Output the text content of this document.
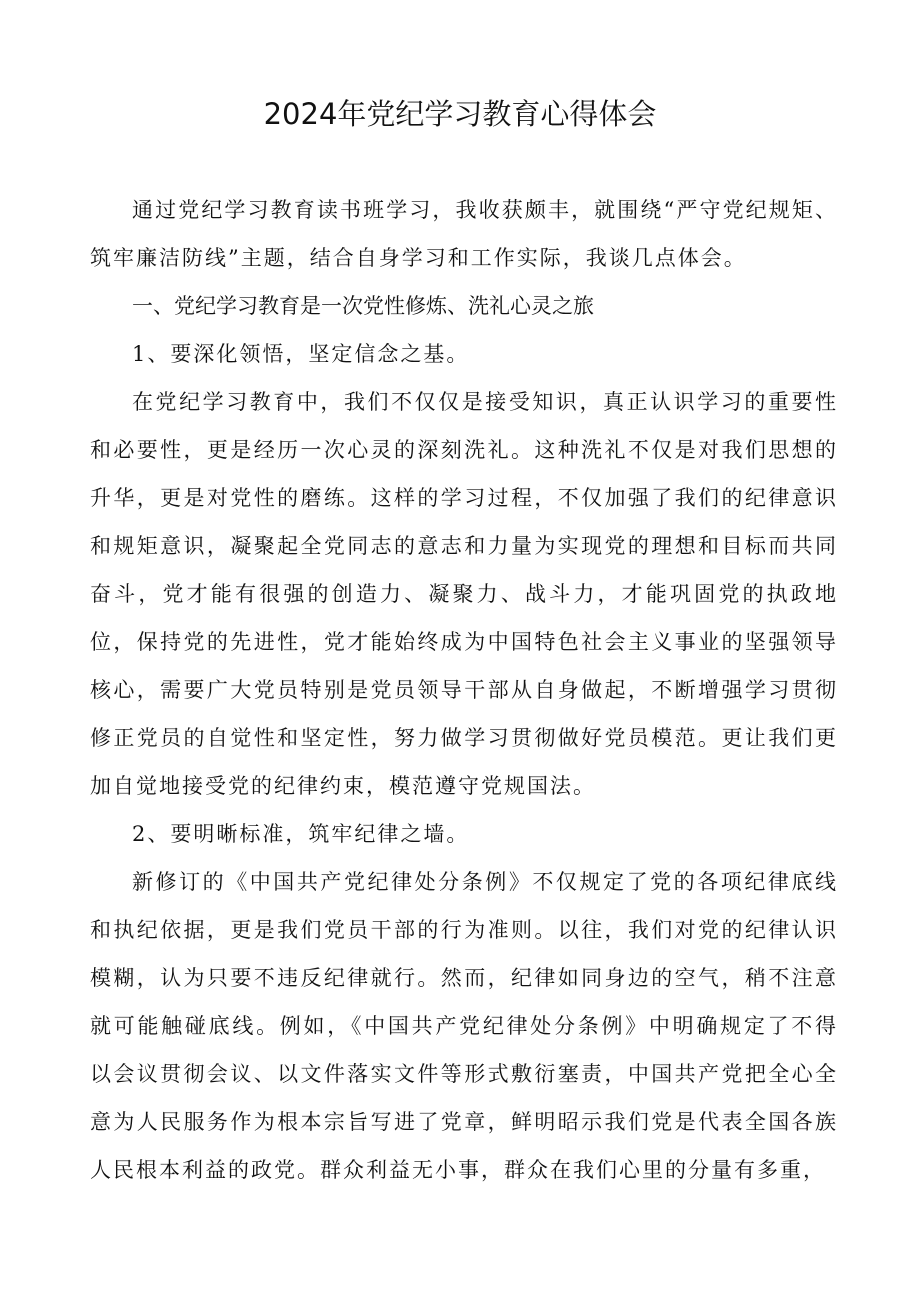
2024年党纪学习教育心得体会

通过党纪学习教育读书班学习，我收获颇丰，就围绕“严守党纪规矩、筑牢廉洁防线”主题，结合自身学习和工作实际，我谈几点体会。

一、党纪学习教育是一次党性修炼、洗礼心灵之旅

1、要深化领悟，坚定信念之基。

在党纪学习教育中，我们不仅仅是接受知识，真正认识学习的重要性和必要性，更是经历一次心灵的深刻洗礼。这种洗礼不仅是对我们思想的升华，更是对党性的磨练。这样的学习过程，不仅加强了我们的纪律意识和规矩意识，凝聚起全党同志的意志和力量为实现党的理想和目标而共同奋斗，党才能有很强的创造力、凝聚力、战斗力，才能巩固党的执政地位，保持党的先进性，党才能始终成为中国特色社会主义事业的坚强领导核心，需要广大党员特别是党员领导干部从自身做起，不断增强学习贯彻修正党员的自觉性和坚定性，努力做学习贯彻做好党员模范。更让我们更加自觉地接受党的纪律约束，模范遵守党规国法。

2、要明晰标准，筑牢纪律之墙。

新修订的《中国共产党纪律处分条例》不仅规定了党的各项纪律底线和执纪依据，更是我们党员干部的行为准则。以往，我们对党的纪律认识模糊，认为只要不违反纪律就行。然而，纪律如同身边的空气，稍不注意就可能触碰底线。例如，《中国共产党纪律处分条例》中明确规定了不得以会议贯彻会议、以文件落实文件等形式敷衍塞责，中国共产党把全心全意为人民服务作为根本宗旨写进了党章，鲜明昭示我们党是代表全国各族人民根本利益的政党。群众利益无小事，群众在我们心里的分量有多重，
